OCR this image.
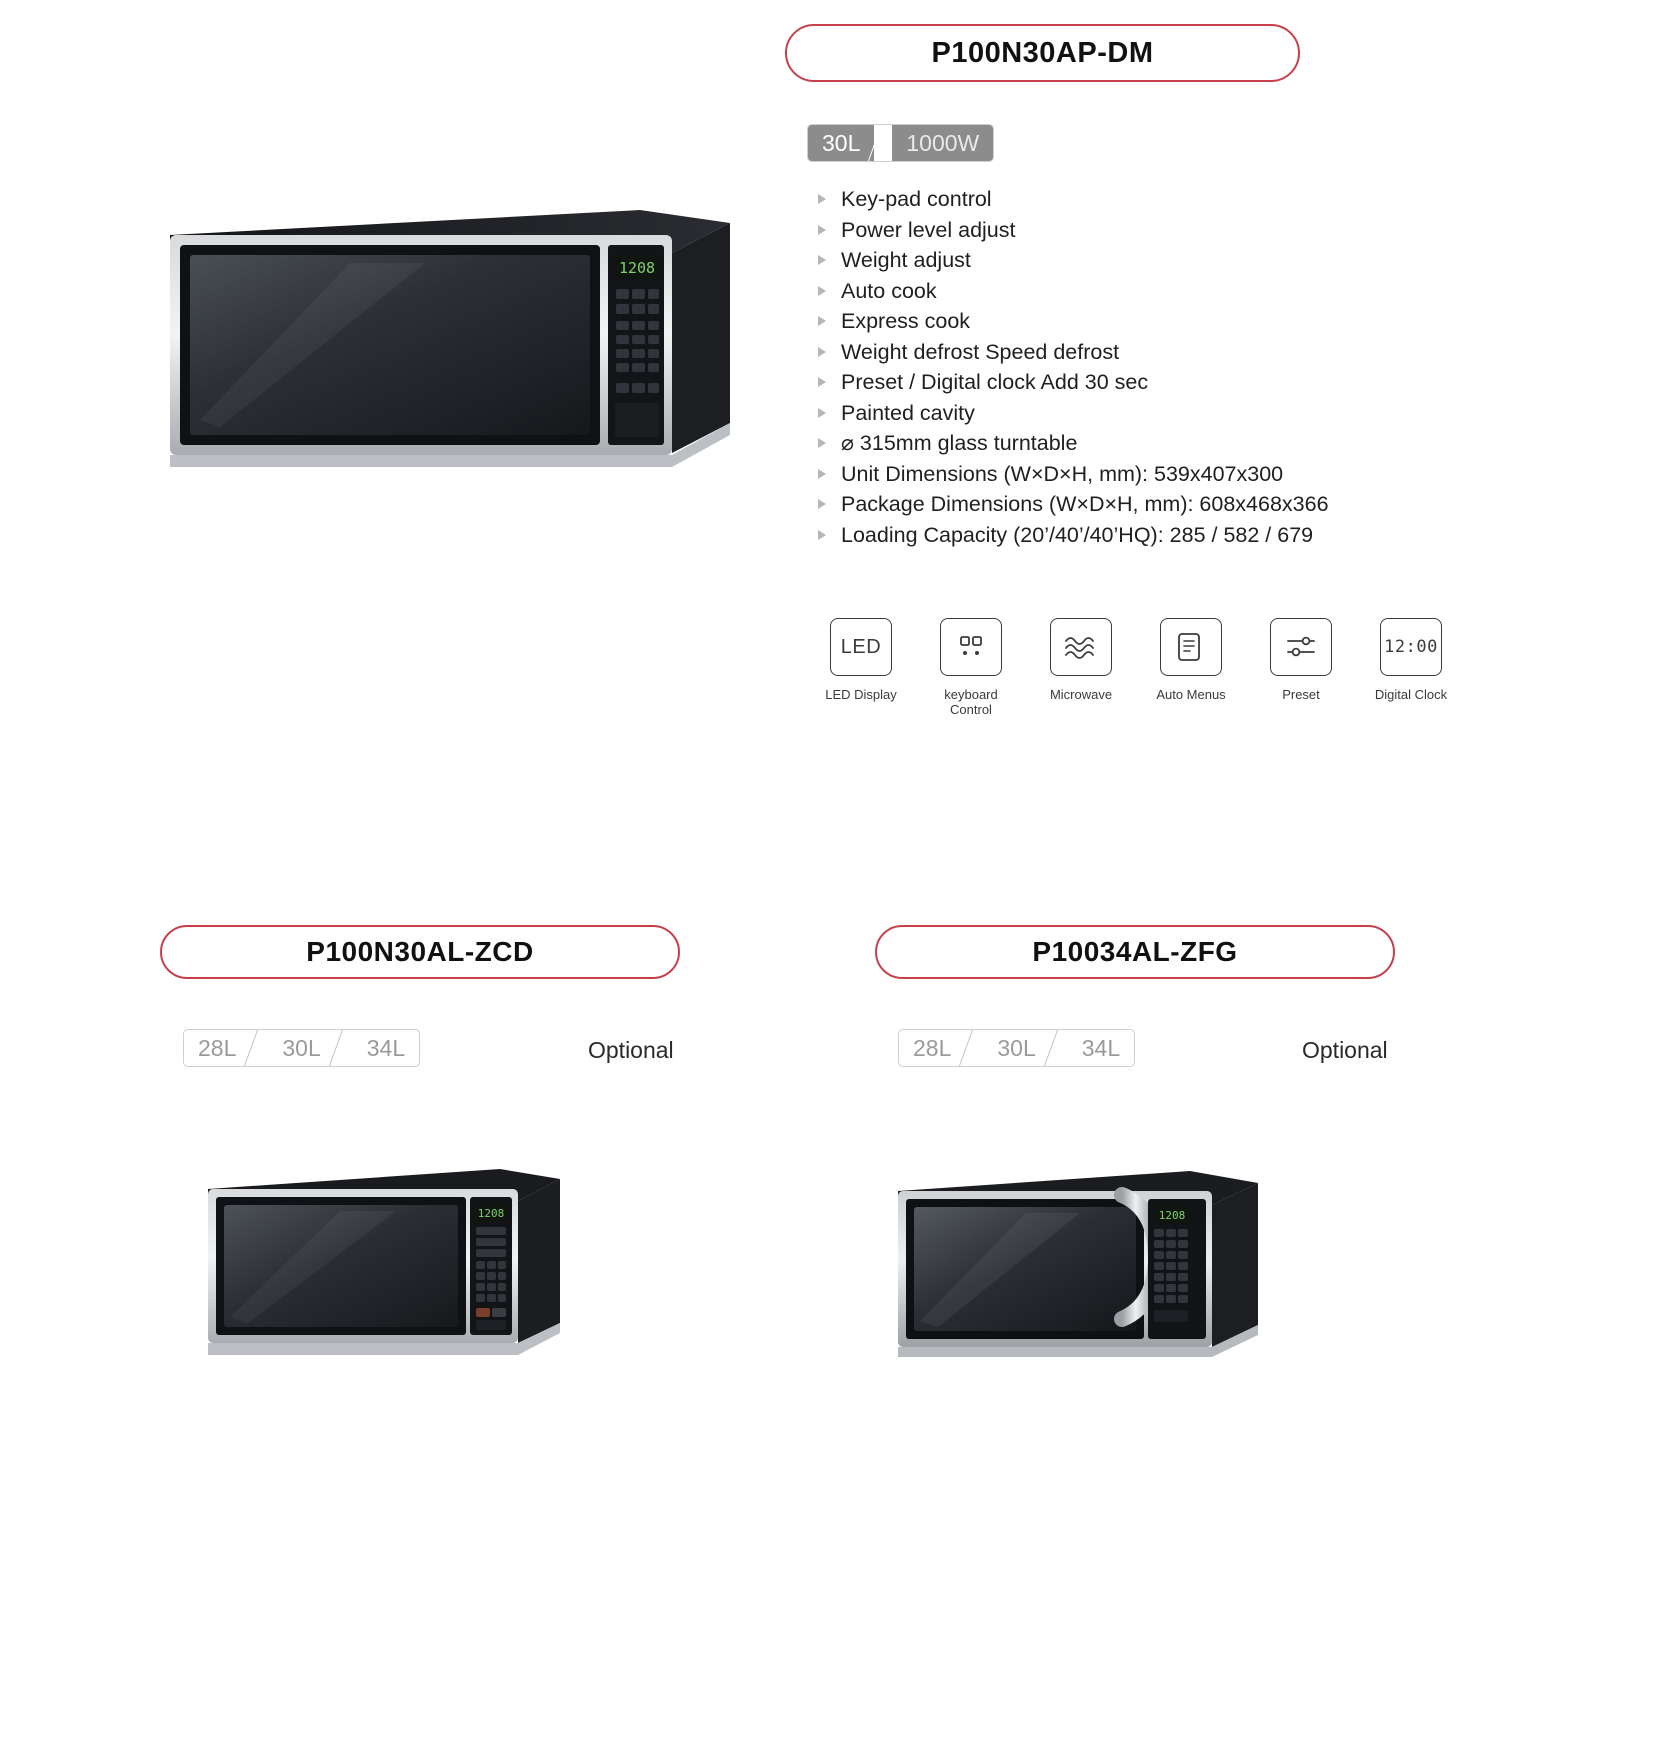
P100N30AP-DM
30L 1000W
Key-pad control
Power level adjust
Weight adjust
Auto cook
Express cook
Weight defrost Speed defrost
Preset / Digital clock Add 30 sec
Painted cavity
⌀ 315mm glass turntable
Unit Dimensions (W×D×H, mm): 539x407x300
Package Dimensions (W×D×H, mm): 608x468x366
Loading Capacity (20’/40’/40’HQ): 285 / 582 / 679
LED
LED Display	keyboard Control
Microwave	Auto Menus	Preset
12:00
Digital Clock
1208
P100N30AL-ZCD
28L 30L 34L	Optional
1208
P10034AL-ZFG
28L 30L 34L	Optional
1208
